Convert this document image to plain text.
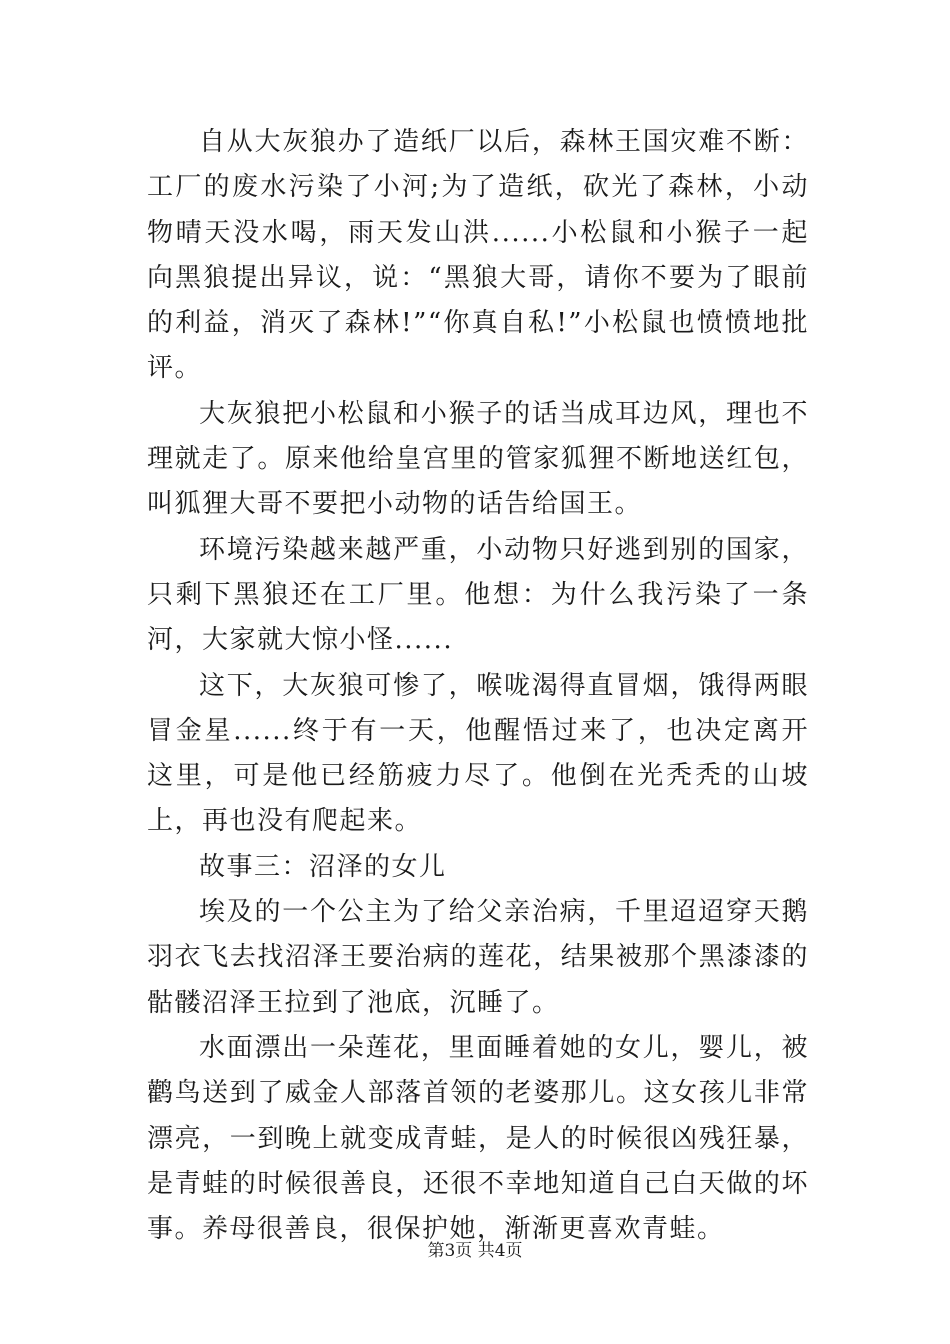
自从大灰狼办了造纸厂以后，森林王国灾难不断：工厂的废水污染了小河;为了造纸，砍光了森林，小动物晴天没水喝，雨天发山洪......小松鼠和小猴子一起向黑狼提出异议，说：“黑狼大哥，请你不要为了眼前的利益，消灭了森林!”“你真自私!”小松鼠也愤愤地批评。

大灰狼把小松鼠和小猴子的话当成耳边风，理也不理就走了。原来他给皇宫里的管家狐狸不断地送红包，叫狐狸大哥不要把小动物的话告给国王。

环境污染越来越严重，小动物只好逃到别的国家，只剩下黑狼还在工厂里。他想：为什么我污染了一条河，大家就大惊小怪......

这下，大灰狼可惨了，喉咙渴得直冒烟，饿得两眼冒金星......终于有一天，他醒悟过来了，也决定离开这里，可是他已经筋疲力尽了。他倒在光秃秃的山坡上，再也没有爬起来。

故事三：沼泽的女儿

埃及的一个公主为了给父亲治病，千里迢迢穿天鹅羽衣飞去找沼泽王要治病的莲花，结果被那个黑漆漆的骷髅沼泽王拉到了池底，沉睡了。

水面漂出一朵莲花，里面睡着她的女儿，婴儿，被鹳鸟送到了威金人部落首领的老婆那儿。这女孩儿非常漂亮，一到晚上就变成青蛙，是人的时候很凶残狂暴，是青蛙的时候很善良，还很不幸地知道自己白天做的坏事。养母很善良，很保护她，渐渐更喜欢青蛙。

第3页 共4页
